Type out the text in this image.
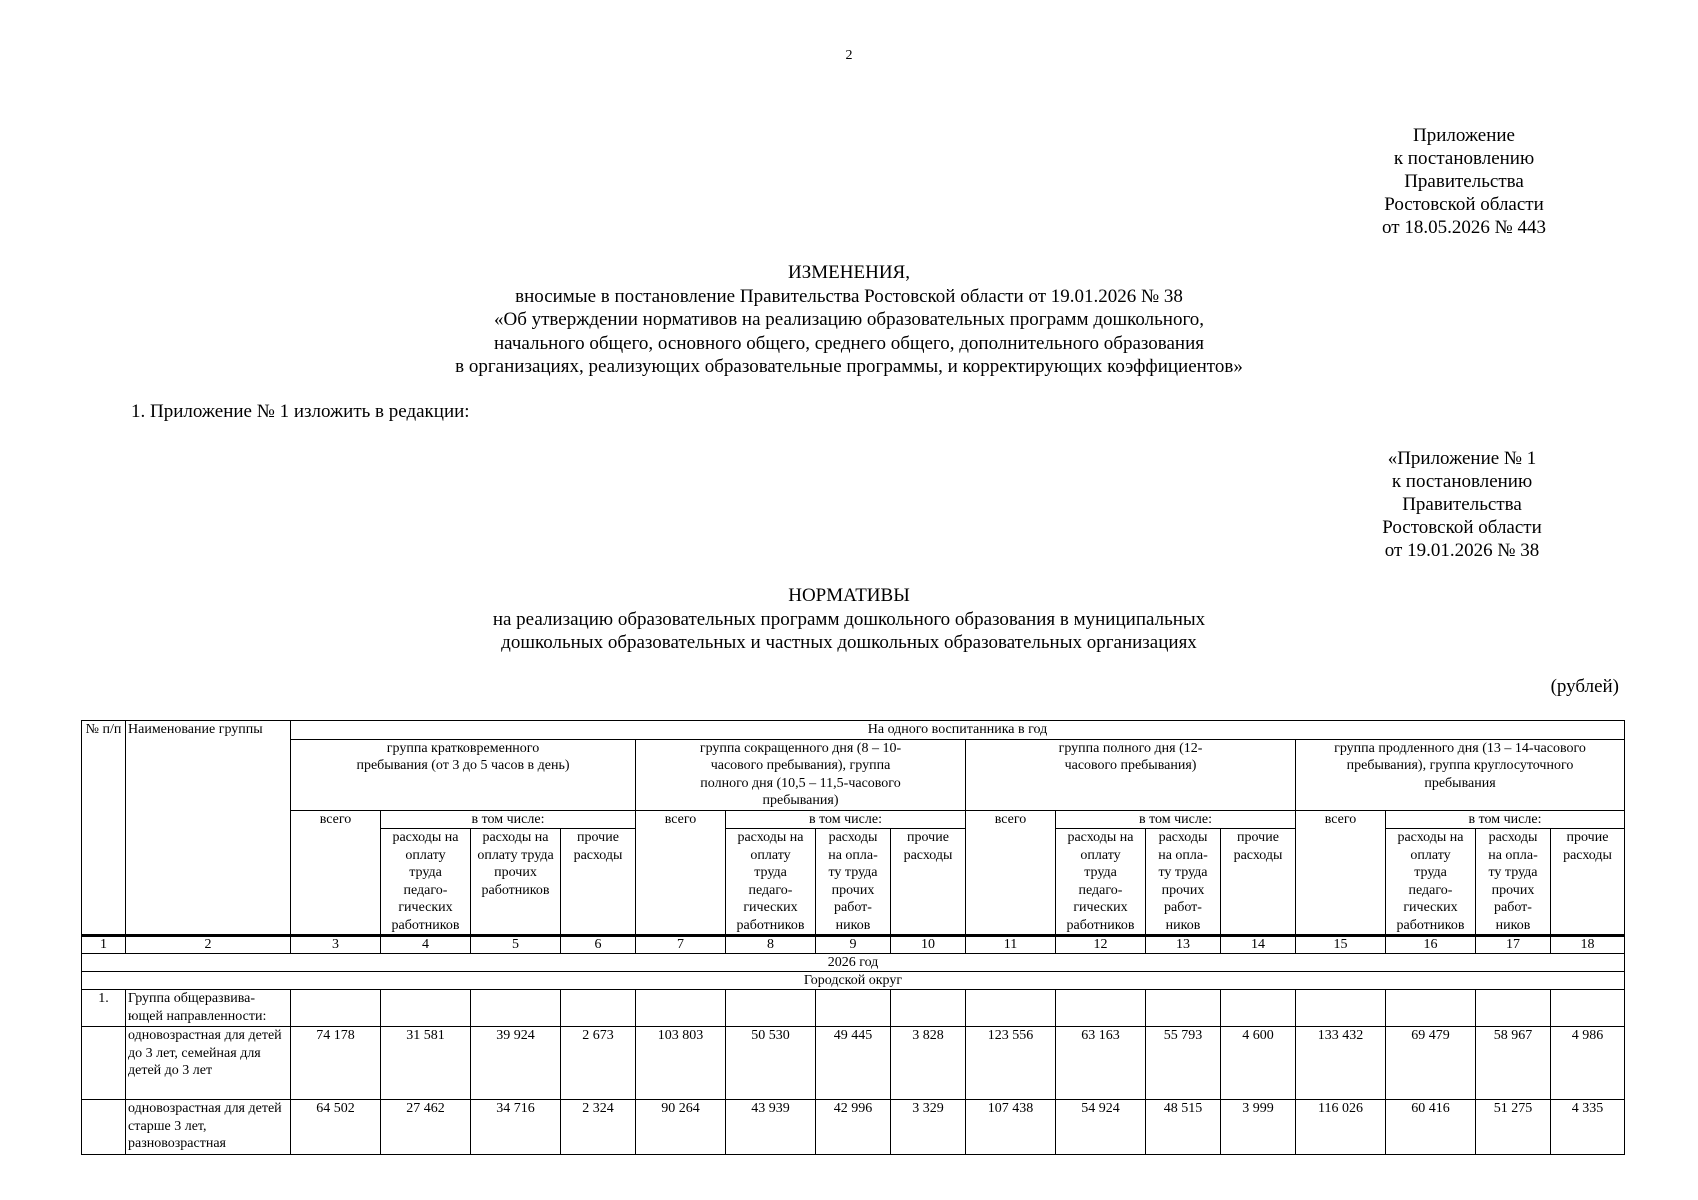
2
Приложение
к постановлению
Правительства
Ростовской области
от 18.05.2026 № 443
ИЗМЕНЕНИЯ,
вносимые в постановление Правительства Ростовской области от 19.01.2026 № 38
«Об утверждении нормативов на реализацию образовательных программ дошкольного,
начального общего, основного общего, среднего общего, дополнительного образования
в организациях, реализующих образовательные программы, и корректирующих коэффициентов»
1. Приложение № 1 изложить в редакции:
«Приложение № 1
к постановлению
Правительства
Ростовской области
от 19.01.2026 № 38
НОРМАТИВЫ
на реализацию образовательных программ дошкольного образования в муниципальных
дошкольных образовательных и частных дошкольных образовательных организациях
(рублей)
№ п/п	Наименование группы	На одного воспитанника в год															
		группа кратковременного пребывания (от 3 до 5 часов в день)				группа сокращенного дня (8 – 10-часового пребывания), группа полного дня (10,5 – 11,5-часового пребывания)				группа полного дня (12-часового пребывания)				группа продленного дня (13 – 14-часового пребывания), группа круглосуточного пребывания			
		всего	в том числе:			всего	в том числе:			всего	в том числе:			всего	в том числе:		
			расходы на оплату труда педаго-гических работников	расходы на оплату труда прочих работников	прочие расходы		расходы на оплату труда педаго-гических работников	расходы на опла-ту труда прочих работ-ников	прочие расходы		расходы на оплату труда педаго-гических работников	расходы на опла-ту труда прочих работ-ников	прочие расходы		расходы на оплату труда педаго-гических работников	расходы на опла-ту труда прочих работ-ников	прочие расходы
1	2	3	4	5	6	7	8	9	10	11	12	13	14	15	16	17	18
2026 год																	
Городской округ																	
1.	Группа общеразвива-ющей направленности:																
	одновозрастная для детей до 3 лет, семейная для детей до 3 лет	74 178	31 581	39 924	2 673	103 803	50 530	49 445	3 828	123 556	63 163	55 793	4 600	133 432	69 479	58 967	4 986
	одновозрастная для детей старше 3 лет, разновозрастная	64 502	27 462	34 716	2 324	90 264	43 939	42 996	3 329	107 438	54 924	48 515	3 999	116 026	60 416	51 275	4 335
